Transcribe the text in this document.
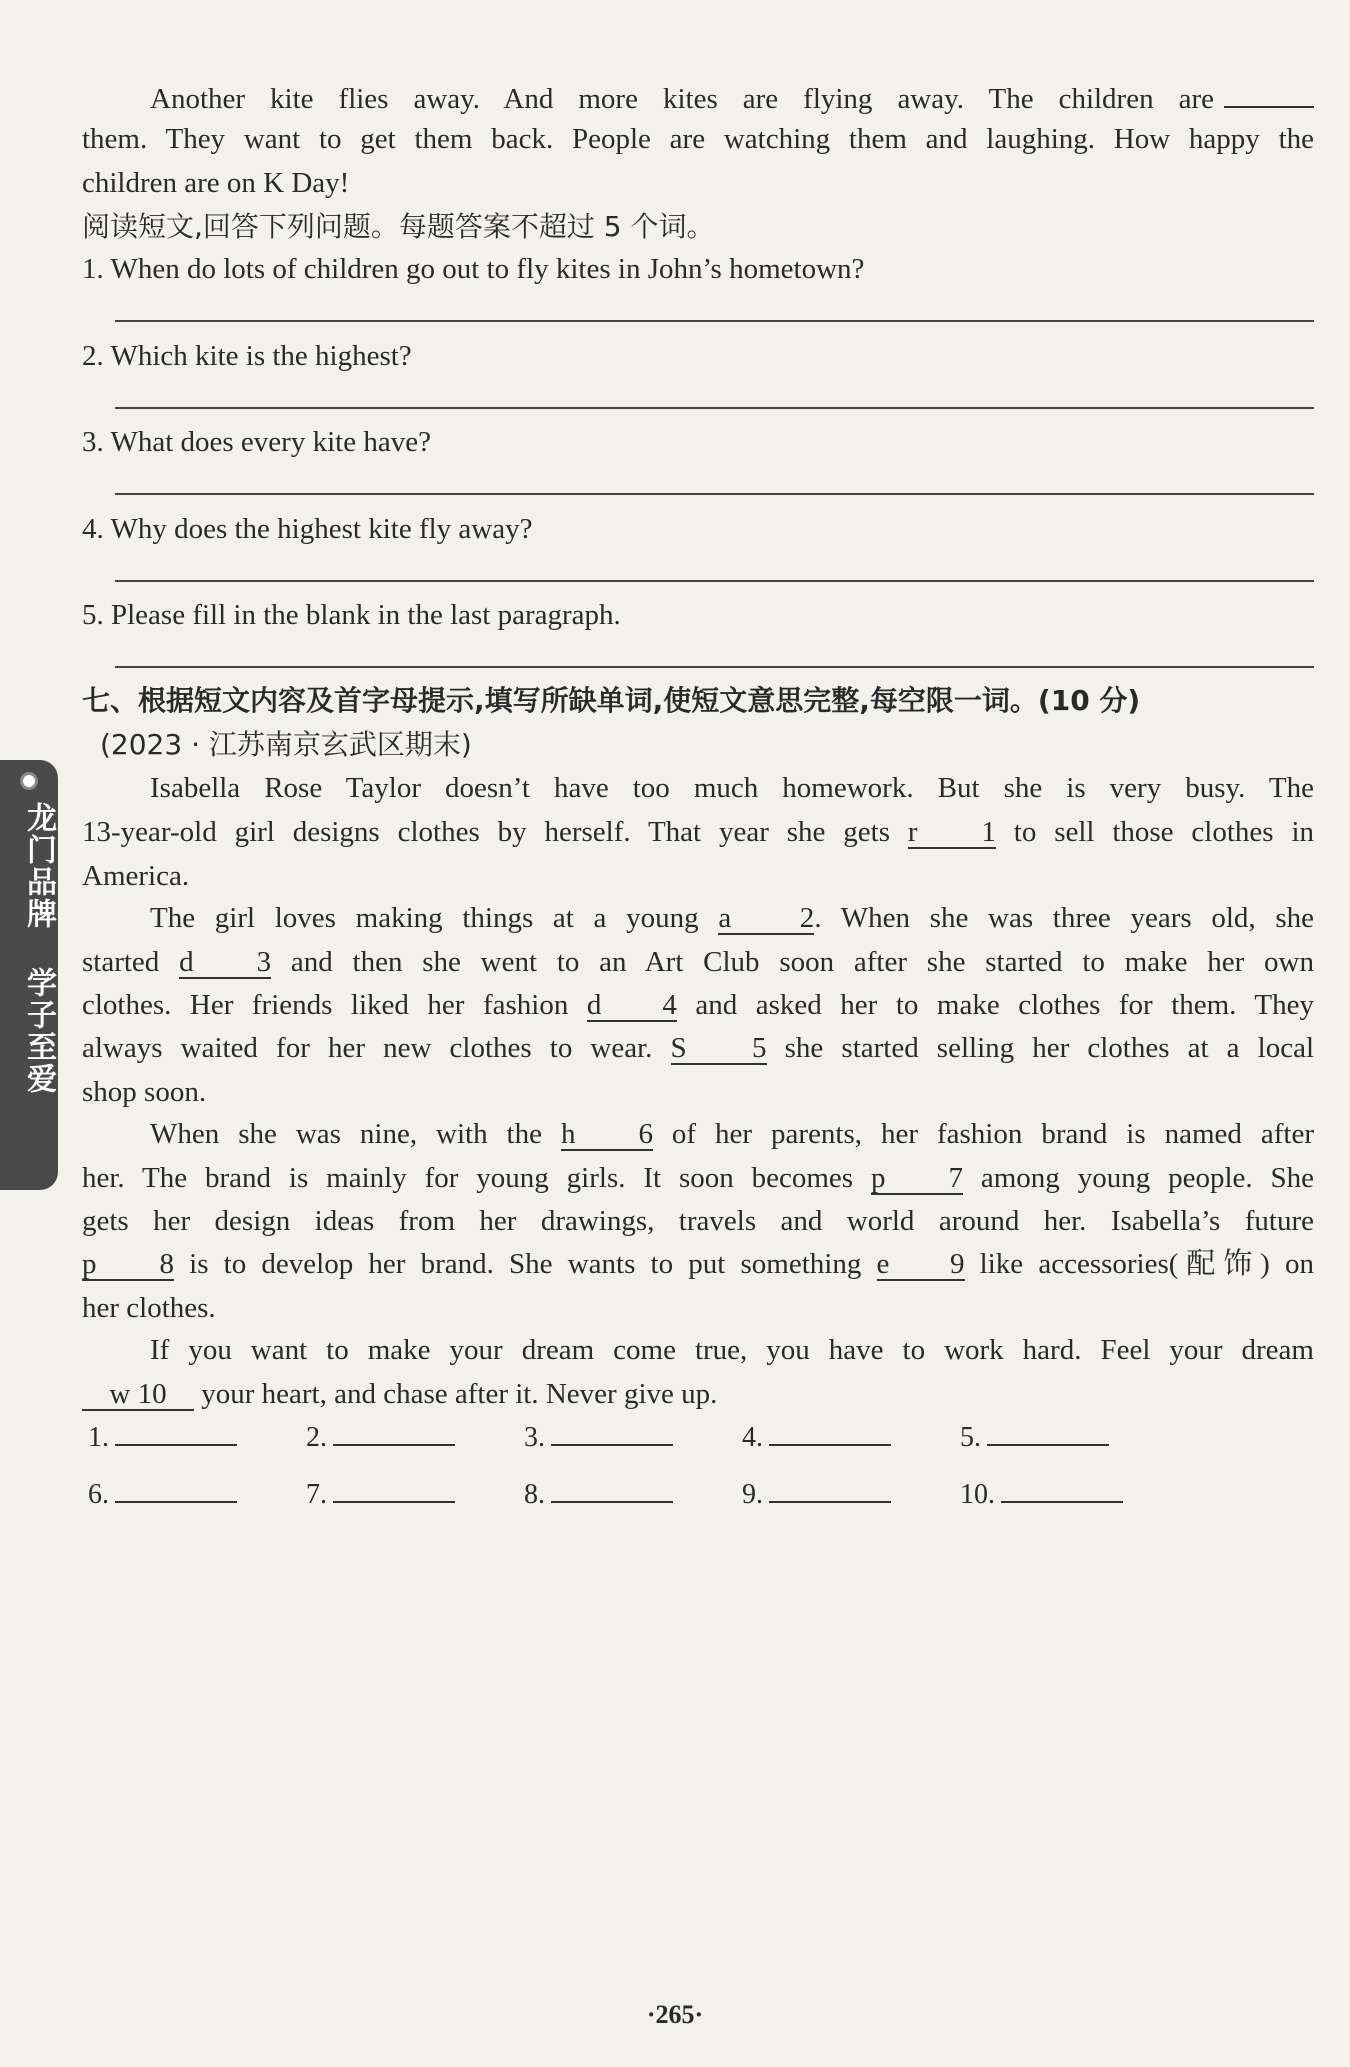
Another kite flies away. And more kites are flying away. The children are
them. They want to get them back. People are watching them and laughing. How happy the
children are on K Day!
阅读短文,回答下列问题。每题答案不超过 5 个词。
1. When do lots of children go out to fly kites in John’s hometown?
2. Which kite is the highest?
3. What does every kite have?
4. Why does the highest kite fly away?
5. Please fill in the blank in the last paragraph.
七、根据短文内容及首字母提示,填写所缺单词,使短文意思完整,每空限一词。(10 分)
(2023 · 江苏南京玄武区期末)
Isabella Rose Taylor doesn’t have too much homework. But she is very busy. The
13-year-old girl designs clothes by herself. That year she gets r 1 to sell those clothes in
America.
The girl loves making things at a young a 2. When she was three years old, she
started d 3 and then she went to an Art Club soon after she started to make her own
clothes. Her friends liked her fashion d 4 and asked her to make clothes for them. They
always waited for her new clothes to wear. S 5 she started selling her clothes at a local
shop soon.
When she was nine, with the h 6 of her parents, her fashion brand is named after
her. The brand is mainly for young girls. It soon becomes p 7 among young people. She
gets her design ideas from her drawings, travels and world around her. Isabella’s future
p 8 is to develop her brand. She wants to put something e 9 like accessories(配饰) on
her clothes.
If you want to make your dream come true, you have to work hard. Feel your dream
w 10 your heart, and chase after it. Never give up.
1.	2.	3.	4.	5.
6.	7.	8.	9.	10.
龙门品牌 学子至爱
·265·
